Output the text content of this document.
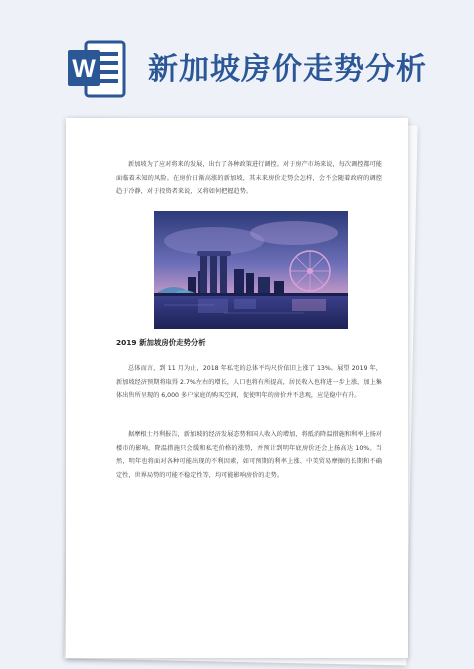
W 新加坡房价走势分析

新加坡为了应对将来的发展，出台了各种政策进行调控。对于房产市场来说，每次调控都可能面临着未知的风险。在房价日渐高涨的新加坡，其未来房价走势会怎样，会不会随着政府的调控趋于冷静，对于投资者来说，又将如何把握趋势。

2019 新加坡房价走势分析

总体而言，到 11 月为止，2018 年私宅的总体平均尺价依旧上涨了 13%。展望 2019 年，新加坡经济预期将取得 2.7%左右的增长，人口也将有所提高，居民收入也将进一步上涨，加上集体出售所呈现的 6,000 多户家庭的购买空间，促使明年的房价并不悲观，应是稳中有升。

据摩根士丹利报告，新加坡的经济发展态势和国人收入的增加，将抵消降温措施和利率上扬对楼市的影响，降温措施只会缓和私宅价格的涨势，并预计到明年底房价还会上扬高达 10%。当然，明年也将面对各种可能出现的不利因素，如可预期的利率上涨、中美贸易摩擦的长期和不确定性，世界局势的可能不稳定性等，均可能影响房价的走势。
